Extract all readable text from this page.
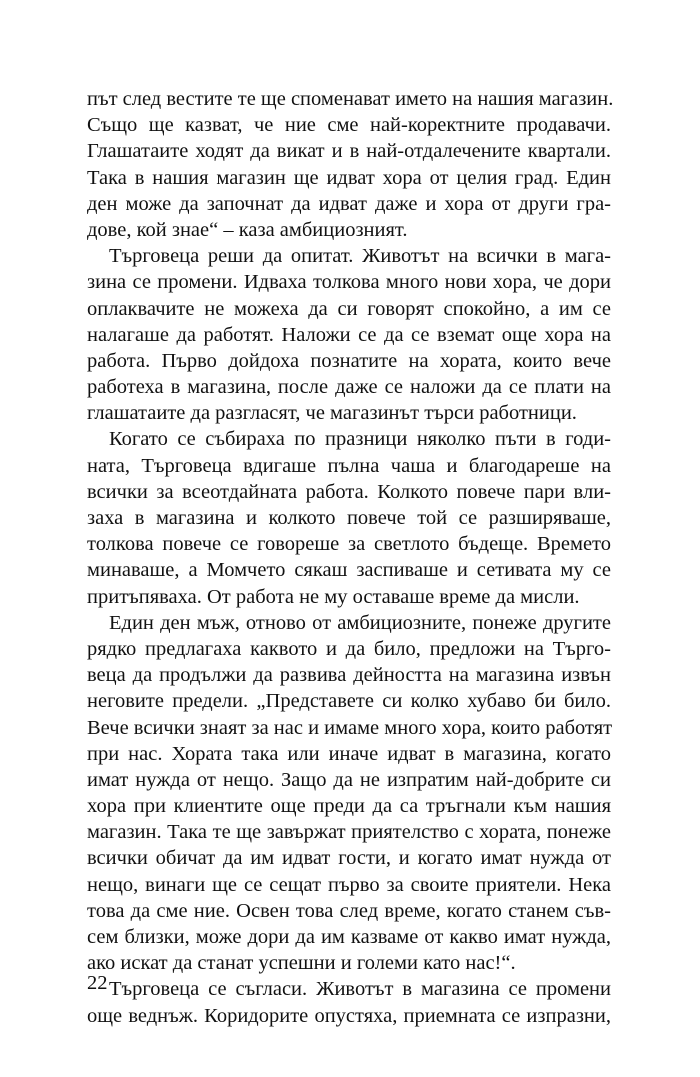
път след вестите те ще споменават името на нашия магазин.
Също ще казват, че ние сме най-коректните продавачи.
Глашатаите ходят да викат и в най-отдалечените квартали.
Така в нашия магазин ще идват хора от целия град. Един
ден може да започнат да идват даже и хора от други гра-
дове, кой знае“ – каза амбициозният.
Търговеца реши да опитат. Животът на всички в мага-
зина се промени. Идваха толкова много нови хора, че дори
оплаквачите не можеха да си говорят спокойно, а им се
налагаше да работят. Наложи се да се вземат още хора на
работа. Първо дойдоха познатите на хората, които вече
работеха в магазина, после даже се наложи да се плати на
глашатаите да разгласят, че магазинът търси работници.
Когато се събираха по празници няколко пъти в годи-
ната, Търговеца вдигаше пълна чаша и благодареше на
всички за всеотдайната работа. Колкото повече пари вли-
заха в магазина и колкото повече той се разширяваше,
толкова повече се говореше за светлото бъдеще. Времето
минаваше, а Момчето сякаш заспиваше и сетивата му се
притъпяваха. От работа не му оставаше време да мисли.
Един ден мъж, отново от амбициозните, понеже другите
рядко предлагаха каквото и да било, предложи на Търго-
веца да продължи да развива дейността на магазина извън
неговите предели. „Представете си колко хубаво би било.
Вече всички знаят за нас и имаме много хора, които работят
при нас. Хората така или иначе идват в магазина, когато
имат нужда от нещо. Защо да не изпратим най-добрите си
хора при клиентите още преди да са тръгнали към нашия
магазин. Така те ще завържат приятелство с хората, понеже
всички обичат да им идват гости, и когато имат нужда от
нещо, винаги ще се сещат първо за своите приятели. Нека
това да сме ние. Освен това след време, когато станем съв-
сем близки, може дори да им казваме от какво имат нужда,
ако искат да станат успешни и големи като нас!“.
Търговеца се съгласи. Животът в магазина се промени
още веднъж. Коридорите опустяха, приемната се изпразни,
22
